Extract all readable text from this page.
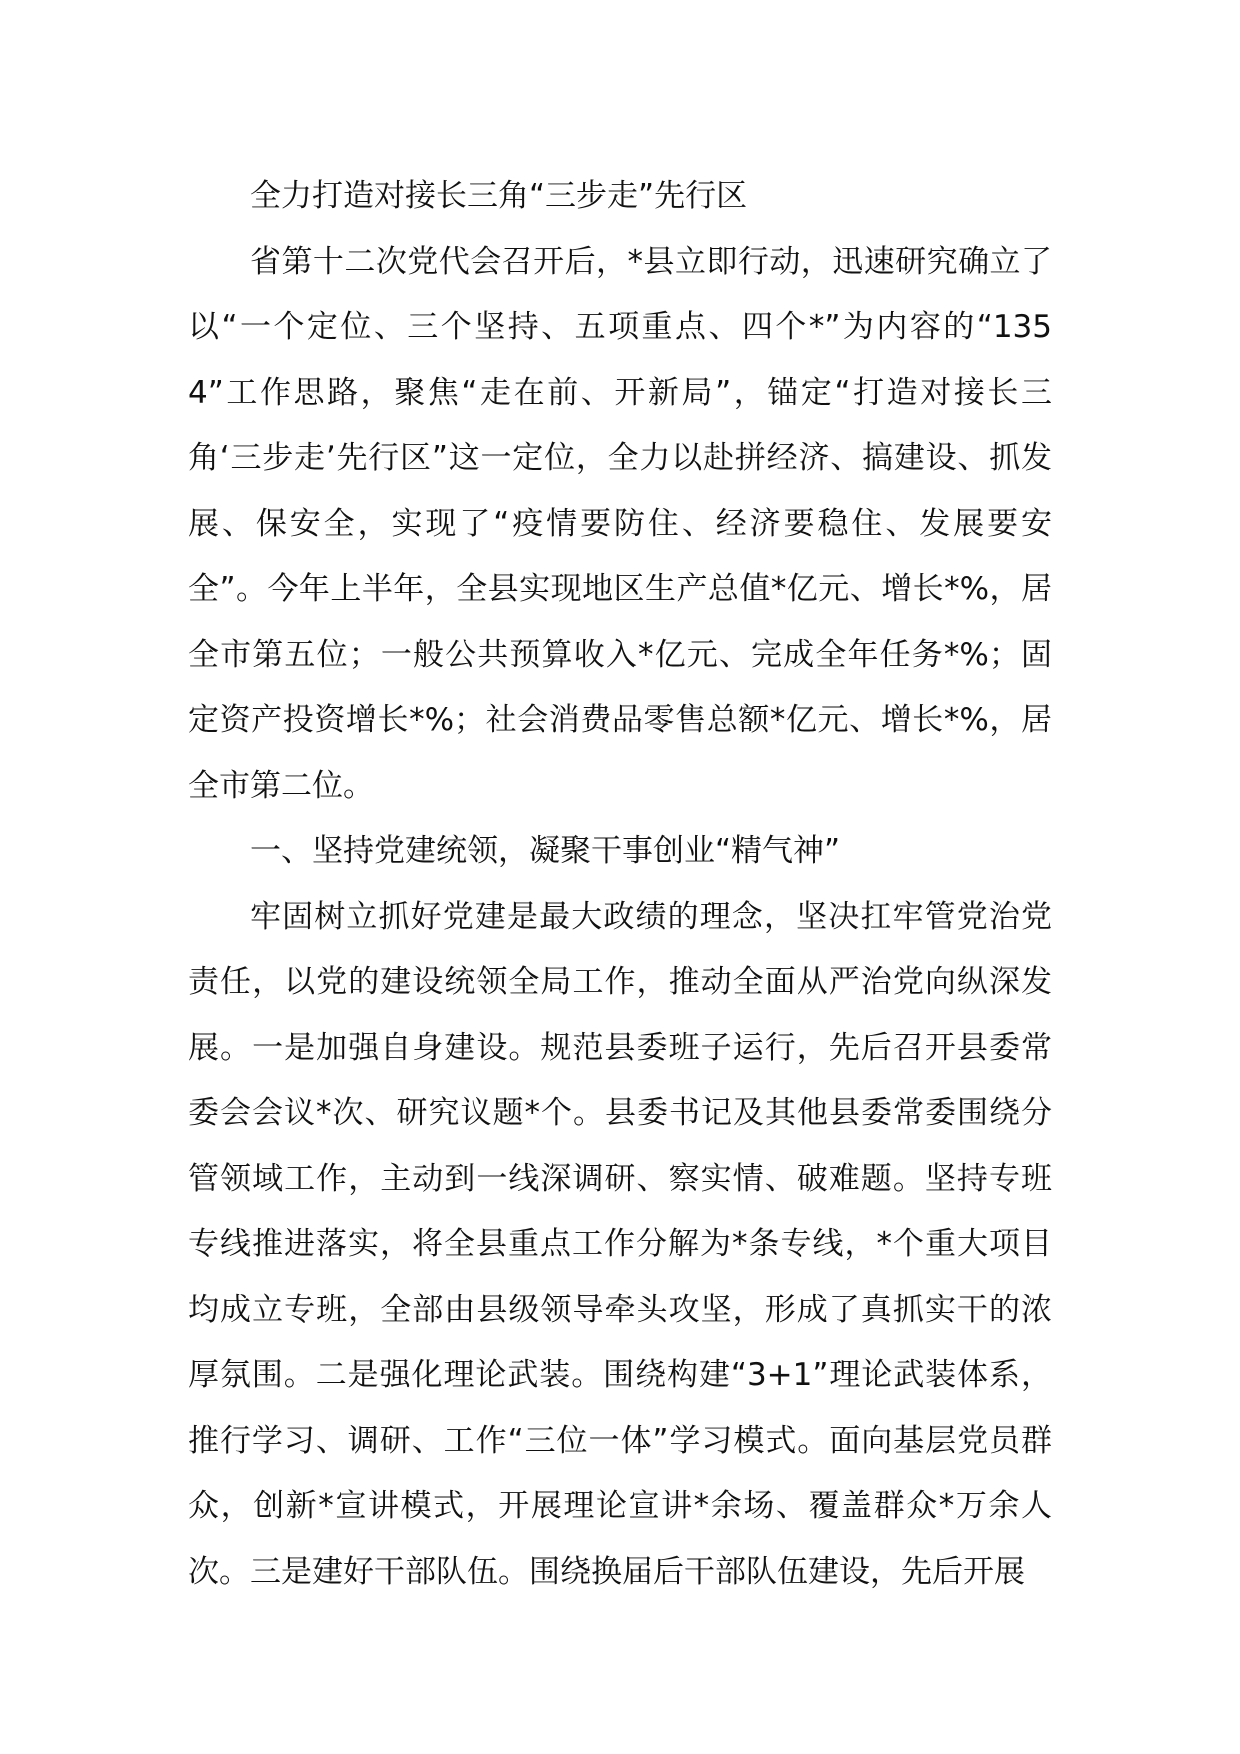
全力打造对接长三角“三步走”先行区

省第十二次党代会召开后，*县立即行动，迅速研究确立了以“一个定位、三个坚持、五项重点、四个*”为内容的“1354”工作思路，聚焦“走在前、开新局”，锚定“打造对接长三角‘三步走’先行区”这一定位，全力以赴拼经济、搞建设、抓发展、保安全，实现了“疫情要防住、经济要稳住、发展要安全”。今年上半年，全县实现地区生产总值*亿元、增长*%，居全市第五位；一般公共预算收入*亿元、完成全年任务*%；固定资产投资增长*%；社会消费品零售总额*亿元、增长*%，居全市第二位。

一、坚持党建统领，凝聚干事创业“精气神”

牢固树立抓好党建是最大政绩的理念，坚决扛牢管党治党责任，以党的建设统领全局工作，推动全面从严治党向纵深发展。一是加强自身建设。规范县委班子运行，先后召开县委常委会会议*次、研究议题*个。县委书记及其他县委常委围绕分管领域工作，主动到一线深调研、察实情、破难题。坚持专班专线推进落实，将全县重点工作分解为*条专线，*个重大项目均成立专班，全部由县级领导牵头攻坚，形成了真抓实干的浓厚氛围。二是强化理论武装。围绕构建“3+1”理论武装体系，推行学习、调研、工作“三位一体”学习模式。面向基层党员群众，创新*宣讲模式，开展理论宣讲*余场、覆盖群众*万余人次。三是建好干部队伍。围绕换届后干部队伍建设，先后开展
